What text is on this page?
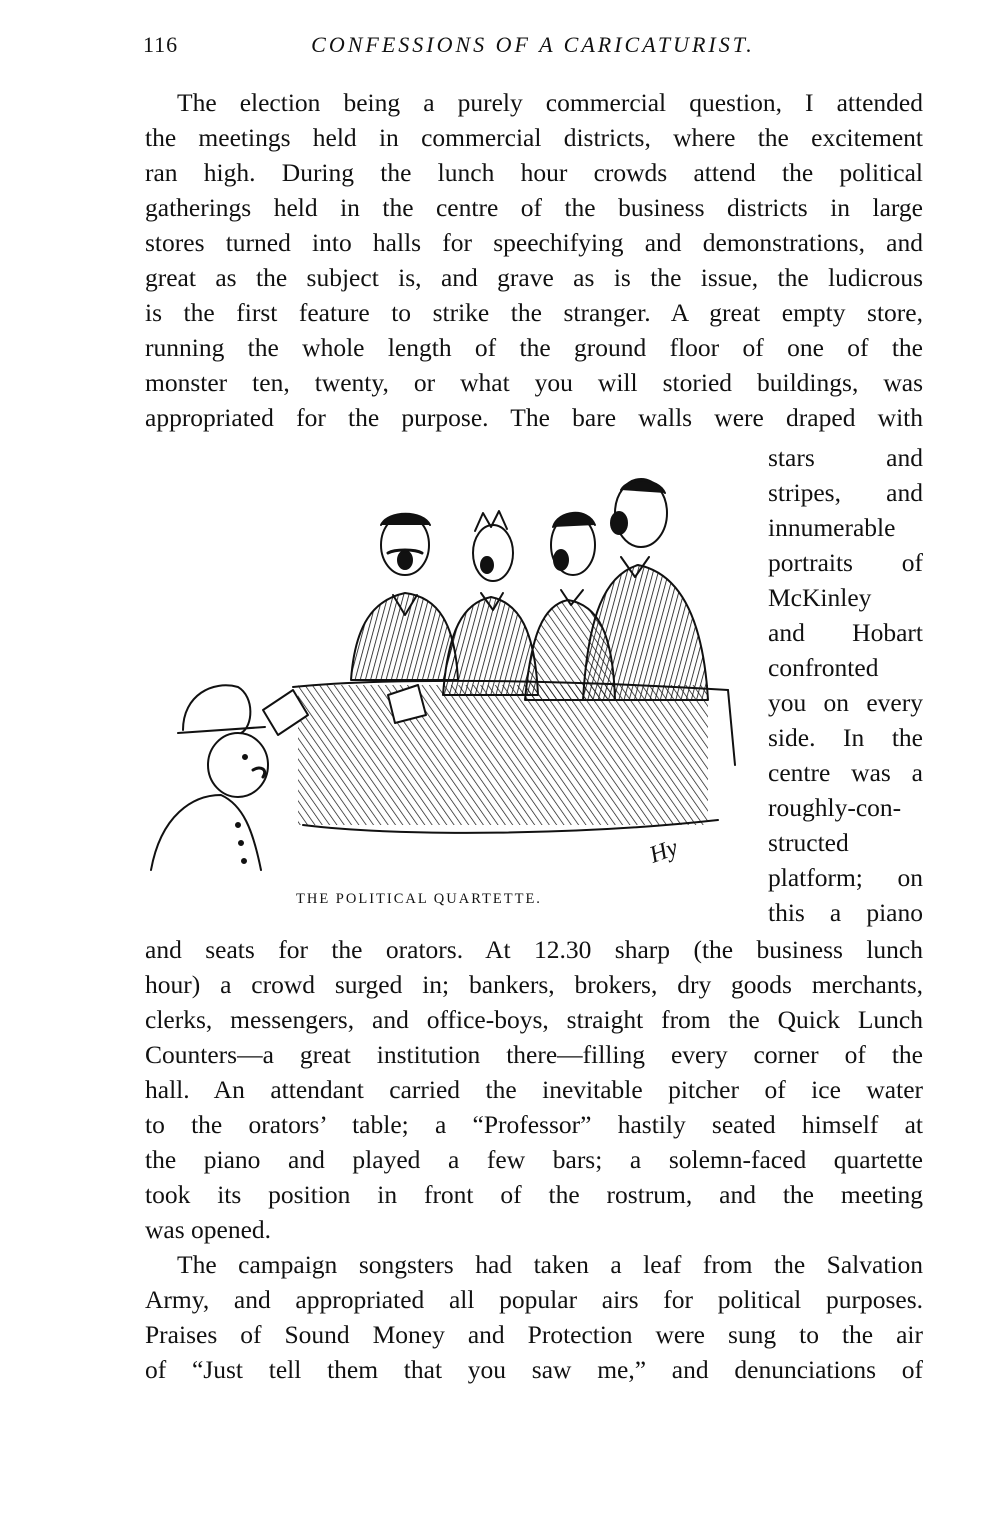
116	CONFESSIONS OF A CARICATURIST.
The election being a purely commercial question, I attended
the meetings held in commercial districts, where the excitement
ran high. During the lunch hour crowds attend the political
gatherings held in the centre of the business districts in large
stores turned into halls for speechifying and demonstrations, and
great as the subject is, and grave as is the issue, the ludicrous
is the first feature to strike the stranger. A great empty store,
running the whole length of the ground floor of one of the
monster ten, twenty, or what you will storied buildings, was
appropriated for the purpose. The bare walls were draped with
stars and
stripes, and
innumerable
portraits of
McKinley
and Hobart
confronted
you on every
side. In the
centre was a
roughly-con-
structed
platform; on
this a piano
and seats for the orators. At 12.30 sharp (the business lunch
hour) a crowd surged in; bankers, brokers, dry goods merchants,
clerks, messengers, and office-boys, straight from the Quick Lunch
Counters—a great institution there—filling every corner of the
hall. An attendant carried the inevitable pitcher of ice water
to the orators’ table; a “Professor” hastily seated himself at
the piano and played a few bars; a solemn-faced quartette
took its position in front of the rostrum, and the meeting
was opened.
Hy
THE POLITICAL QUARTETTE.
The campaign songsters had taken a leaf from the Salvation
Army, and appropriated all popular airs for political purposes.
Praises of Sound Money and Protection were sung to the air
of “Just tell them that you saw me,” and denunciations of
